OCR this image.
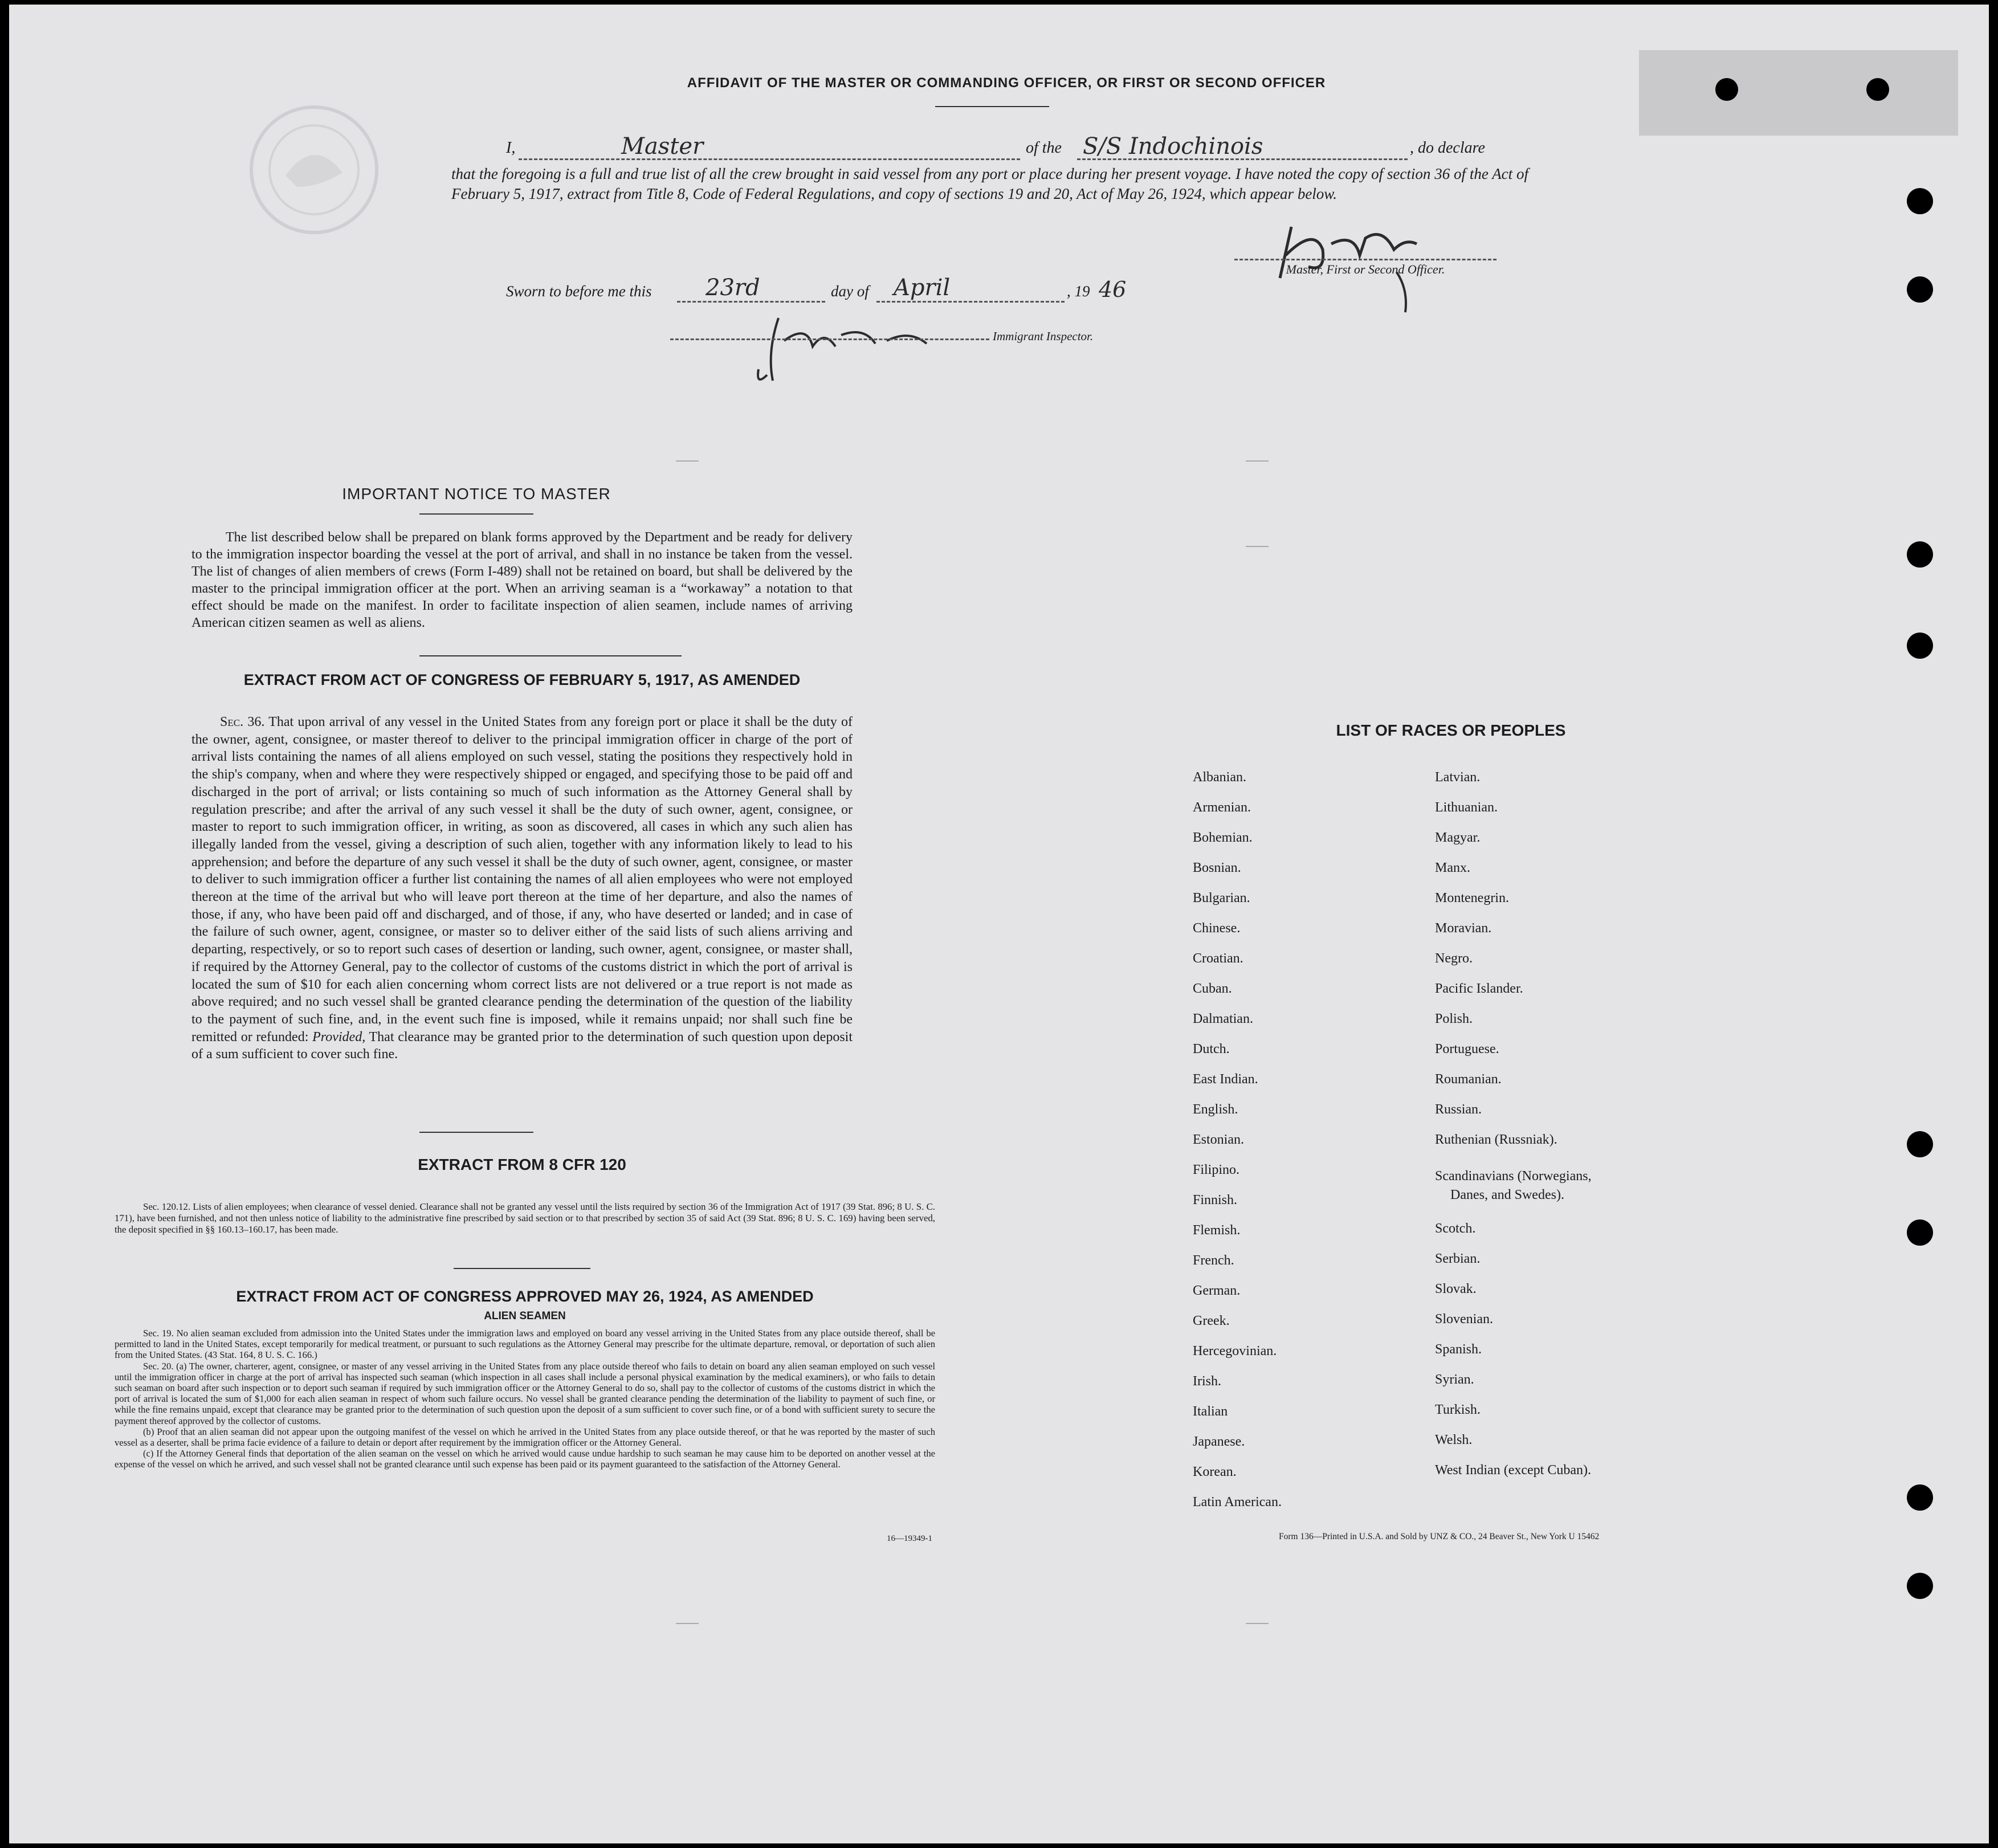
AFFIDAVIT OF THE MASTER OR COMMANDING OFFICER, OR FIRST OR SECOND OFFICER
I,	Master	of the S/S Indochinois	, do declare
that the foregoing is a full and true list of all the crew brought in said vessel from any port or place during her present voyage. I have noted the copy of section 36 of the Act of February 5, 1917, extract from Title 8, Code of Federal Regulations, and copy of sections 19 and 20, Act of May 26, 1924, which appear below.
Master, First or Second Officer.
Sworn to before me this 23rd	day of April	, 19 46
Immigrant Inspector.
IMPORTANT NOTICE TO MASTER
The list described below shall be prepared on blank forms approved by the Department and be ready for delivery to the immigration inspector boarding the vessel at the port of arrival, and shall in no instance be taken from the vessel. The list of changes of alien members of crews (Form I-489) shall not be retained on board, but shall be delivered by the master to the principal immigration officer at the port. When an arriving seaman is a “workaway” a notation to that effect should be made on the manifest. In order to facilitate inspection of alien seamen, include names of arriving American citizen seamen as well as aliens.
EXTRACT FROM ACT OF CONGRESS OF FEBRUARY 5, 1917, AS AMENDED
Sec. 36. That upon arrival of any vessel in the United States from any foreign port or place it shall be the duty of the owner, agent, consignee, or master thereof to deliver to the principal immigration officer in charge of the port of arrival lists containing the names of all aliens employed on such vessel, stating the positions they respectively hold in the ship's company, when and where they were respectively shipped or engaged, and specifying those to be paid off and discharged in the port of arrival; or lists containing so much of such information as the Attorney General shall by regulation prescribe; and after the arrival of any such vessel it shall be the duty of such owner, agent, consignee, or master to report to such immigration officer, in writing, as soon as discovered, all cases in which any such alien has illegally landed from the vessel, giving a description of such alien, together with any information likely to lead to his apprehension; and before the departure of any such vessel it shall be the duty of such owner, agent, consignee, or master to deliver to such immigration officer a further list containing the names of all alien employees who were not employed thereon at the time of the arrival but who will leave port thereon at the time of her departure, and also the names of those, if any, who have been paid off and discharged, and of those, if any, who have deserted or landed; and in case of the failure of such owner, agent, consignee, or master so to deliver either of the said lists of such aliens arriving and departing, respectively, or so to report such cases of desertion or landing, such owner, agent, consignee, or master shall, if required by the Attorney General, pay to the collector of customs of the customs district in which the port of arrival is located the sum of $10 for each alien concerning whom correct lists are not delivered or a true report is not made as above required; and no such vessel shall be granted clearance pending the determination of the question of the liability to the payment of such fine, and, in the event such fine is imposed, while it remains unpaid; nor shall such fine be remitted or refunded: Provided, That clearance may be granted prior to the determination of such question upon deposit of a sum sufficient to cover such fine.
EXTRACT FROM 8 CFR 120
Sec. 120.12. Lists of alien employees; when clearance of vessel denied. Clearance shall not be granted any vessel until the lists required by section 36 of the Immigration Act of 1917 (39 Stat. 896; 8 U. S. C. 171), have been furnished, and not then unless notice of liability to the administrative fine prescribed by said section or to that prescribed by section 35 of said Act (39 Stat. 896; 8 U. S. C. 169) having been served, the deposit specified in §§ 160.13–160.17, has been made.
EXTRACT FROM ACT OF CONGRESS APPROVED MAY 26, 1924, AS AMENDED
ALIEN SEAMEN
Sec. 19. No alien seaman excluded from admission into the United States under the immigration laws and employed on board any vessel arriving in the United States from any place outside thereof, shall be permitted to land in the United States, except temporarily for medical treatment, or pursuant to such regulations as the Attorney General may prescribe for the ultimate departure, removal, or deportation of such alien from the United States. (43 Stat. 164, 8 U. S. C. 166.)
Sec. 20. (a) The owner, charterer, agent, consignee, or master of any vessel arriving in the United States from any place outside thereof who fails to detain on board any alien seaman employed on such vessel until the immigration officer in charge at the port of arrival has inspected such seaman (which inspection in all cases shall include a personal physical examination by the medical examiners), or who fails to detain such seaman on board after such inspection or to deport such seaman if required by such immigration officer or the Attorney General to do so, shall pay to the collector of customs of the customs district in which the port of arrival is located the sum of $1,000 for each alien seaman in respect of whom such failure occurs. No vessel shall be granted clearance pending the determination of the liability to payment of such fine, or while the fine remains unpaid, except that clearance may be granted prior to the determination of such question upon the deposit of a sum sufficient to cover such fine, or of a bond with sufficient surety to secure the payment thereof approved by the collector of customs.
(b) Proof that an alien seaman did not appear upon the outgoing manifest of the vessel on which he arrived in the United States from any place outside thereof, or that he was reported by the master of such vessel as a deserter, shall be prima facie evidence of a failure to detain or deport after requirement by the immigration officer or the Attorney General.
(c) If the Attorney General finds that deportation of the alien seaman on the vessel on which he arrived would cause undue hardship to such seaman he may cause him to be deported on another vessel at the expense of the vessel on which he arrived, and such vessel shall not be granted clearance until such expense has been paid or its payment guaranteed to the satisfaction of the Attorney General.
16—19349-1
LIST OF RACES OR PEOPLES
Albanian.
Armenian.
Bohemian.
Bosnian.
Bulgarian.
Chinese.
Croatian.
Cuban.
Dalmatian.
Dutch.
East Indian.
English.
Estonian.
Filipino.
Finnish.
Flemish.
French.
German.
Greek.
Hercegovinian.
Irish.
Italian
Japanese.
Korean.
Latin American.
Latvian.
Lithuanian.
Magyar.
Manx.
Montenegrin.
Moravian.
Negro.
Pacific Islander.
Polish.
Portuguese.
Roumanian.
Russian.
Ruthenian (Russniak).
Scandinavians (Norwegians,
Danes, and Swedes).
Scotch.
Serbian.
Slovak.
Slovenian.
Spanish.
Syrian.
Turkish.
Welsh.
West Indian (except Cuban).
Form 136—Printed in U.S.A. and Sold by UNZ & CO., 24 Beaver St., New York U 15462
